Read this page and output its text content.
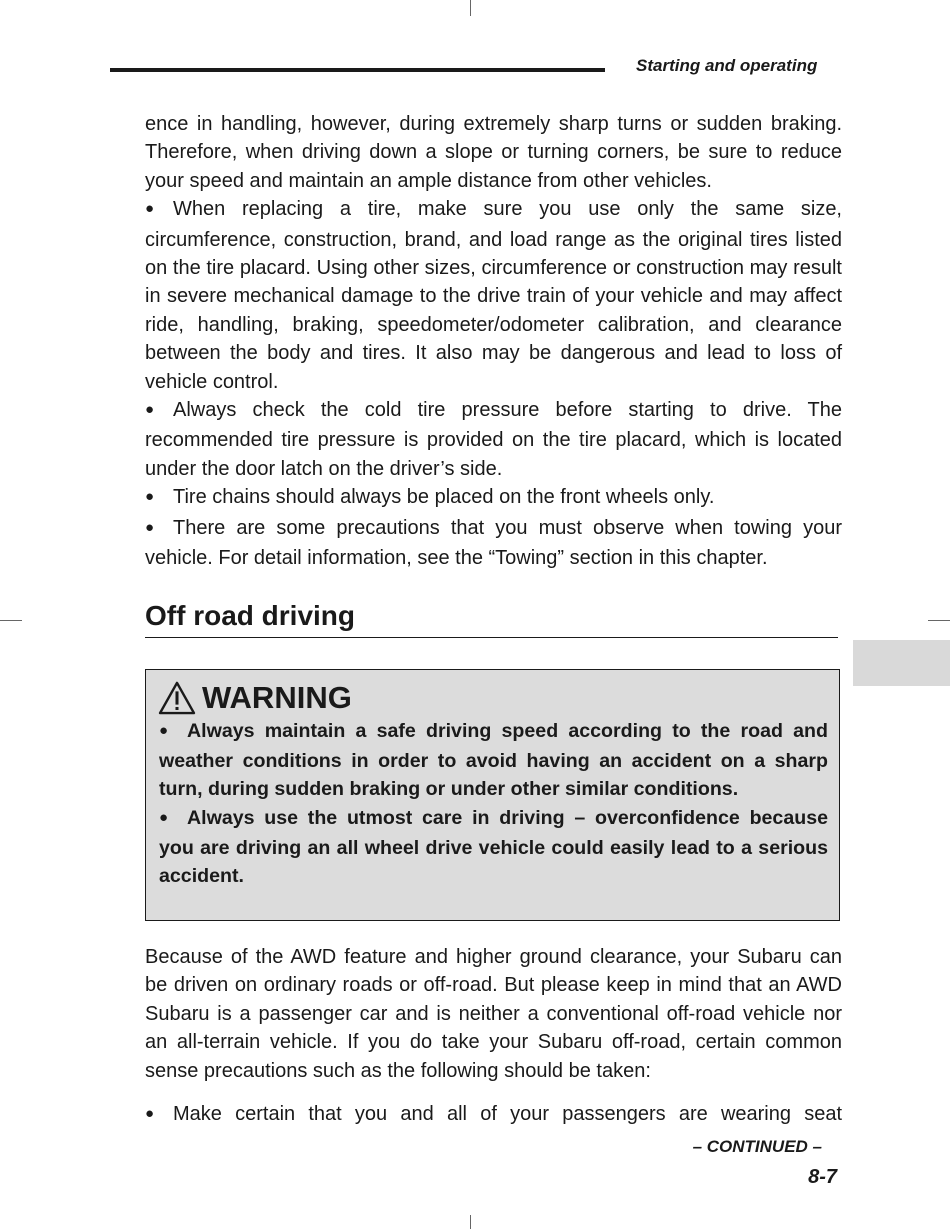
Starting and operating

ence in handling, however, during extremely sharp turns or sudden braking. Therefore, when driving down a slope or turning corners, be sure to reduce your speed and maintain an ample distance from other vehicles.

●When replacing a tire, make sure you use only the same size, circumference, construction, brand, and load range as the original tires listed on the tire placard. Using other sizes, circumference or construction may result in severe mechanical damage to the drive train of your vehicle and may affect ride, handling, braking, speedometer/odometer calibration, and clearance between the body and tires. It also may be dangerous and lead to loss of vehicle control.

●Always check the cold tire pressure before starting to drive. The recommended tire pressure is provided on the tire placard, which is located under the door latch on the driver’s side.

●Tire chains should always be placed on the front wheels only.

●There are some precautions that you must observe when towing your vehicle. For detail information, see the “Towing” section in this chapter.

Off road driving
WARNING

●Always maintain a safe driving speed according to the road and weather conditions in order to avoid having an accident on a sharp turn, during sudden braking or under other similar conditions.

●Always use the utmost care in driving – overconfidence because you are driving an all wheel drive vehicle could easily lead to a serious accident.

Because of the AWD feature and higher ground clearance, your Subaru can be driven on ordinary roads or off-road. But please keep in mind that an AWD Subaru is a passenger car and is neither a conventional off-road vehicle nor an all-terrain vehicle. If you do take your Subaru off-road, certain common sense precautions such as the following should be taken:

●Make certain that you and all of your passengers are wearing seat
– CONTINUED –
8-7
